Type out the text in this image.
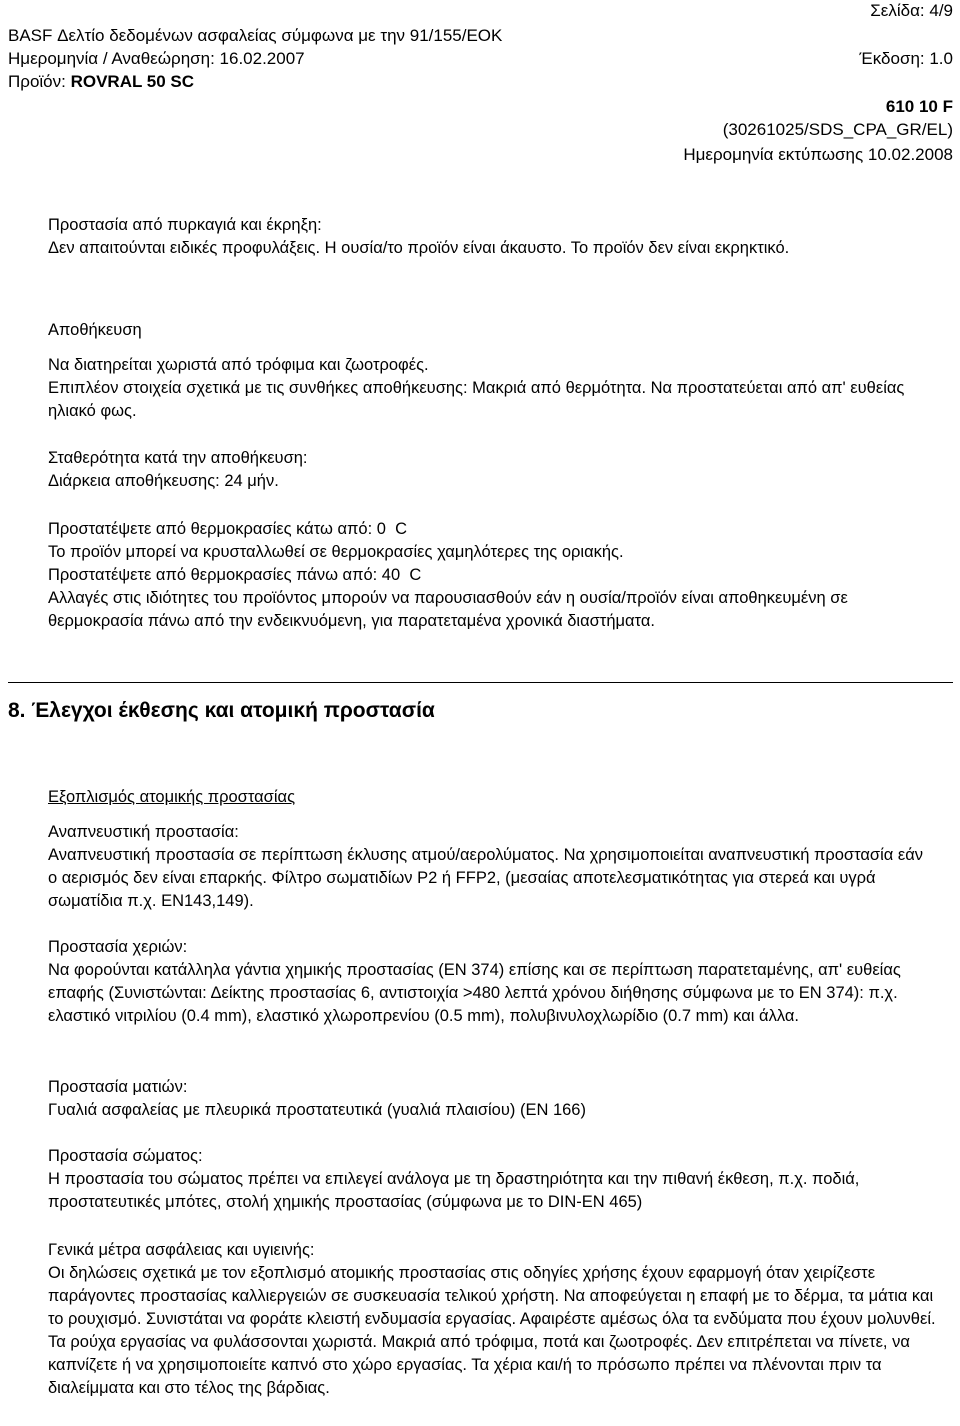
Σελίδα: 4/9
BASF Δελτίο δεδομένων ασφαλείας σύμφωνα με την 91/155/ΕΟΚ
Ημερομηνία / Αναθεώρηση: 16.02.2007	Έκδοση: 1.0
Προϊόν: ROVRAL 50 SC
610 10 F
(30261025/SDS_CPA_GR/EL)
Ημερομηνία εκτύπωσης 10.02.2008

Προστασία από πυρκαγιά και έκρηξη:

Δεν απαιτούνται ειδικές προφυλάξεις. Η ουσία/το προϊόν είναι άκαυστο. Το προϊόν δεν είναι εκρηκτικό.

Αποθήκευση

Να διατηρείται χωριστά από τρόφιμα και ζωοτροφές.

Επιπλέον στοιχεία σχετικά με τις συνθήκες αποθήκευσης: Μακριά από θερμότητα. Να προστατεύεται από απ' ευθείας ηλιακό φως.

Σταθερότητα κατά την αποθήκευση:

Διάρκεια αποθήκευσης: 24 μήν.

Προστατέψετε από θερμοκρασίες κάτω από: 0  C

Το προϊόν μπορεί να κρυσταλλωθεί σε θερμοκρασίες χαμηλότερες της οριακής.

Προστατέψετε από θερμοκρασίες πάνω από: 40  C

Αλλαγές στις ιδιότητες του προϊόντος μπορούν να παρουσιασθούν εάν η ουσία/προϊόν είναι αποθηκευμένη σε θερμοκρασία πάνω από την ενδεικνυόμενη, για παρατεταμένα χρονικά διαστήματα.

8. Έλεγχοι έκθεσης και ατομική προστασία
Εξοπλισμός ατομικής προστασίας

Αναπνευστική προστασία:

Αναπνευστική προστασία σε περίπτωση έκλυσης ατμού/αερολύματος. Να χρησιμοποιείται αναπνευστική προστασία εάν ο αερισμός δεν είναι επαρκής. Φίλτρο σωματιδίων P2 ή FFP2, (μεσαίας αποτελεσματικότητας για στερεά και υγρά σωματίδια π.χ. EN143,149).

Προστασία χεριών:

Να φορούνται κατάλληλα γάντια χημικής προστασίας (EN 374) επίσης και σε περίπτωση παρατεταμένης, απ' ευθείας επαφής (Συνιστώνται: Δείκτης προστασίας 6, αντιστοιχία >480 λεπτά χρόνου διήθησης σύμφωνα με το EN 374): π.χ. ελαστικό νιτριλίου (0.4 mm), ελαστικό χλωροπρενίου (0.5 mm), πολυβινυλοχλωρίδιο (0.7 mm) και άλλα.

Προστασία ματιών:

Γυαλιά ασφαλείας με πλευρικά προστατευτικά (γυαλιά πλαισίου) (EN 166)

Προστασία σώματος:

Η προστασία του σώματος πρέπει να επιλεγεί ανάλογα με τη δραστηριότητα και την πιθανή έκθεση, π.χ. ποδιά, προστατευτικές μπότες, στολή χημικής προστασίας (σύμφωνα με το DIN-EN 465)

Γενικά μέτρα ασφάλειας και υγιεινής:

Οι δηλώσεις σχετικά με τον εξοπλισμό ατομικής προστασίας στις οδηγίες χρήσης έχουν εφαρμογή όταν χειρίζεστε παράγοντες προστασίας καλλιεργειών σε συσκευασία τελικού χρήστη. Να αποφεύγεται η επαφή με το δέρμα, τα μάτια και το ρουχισμό. Συνιστάται να φοράτε κλειστή ενδυμασία εργασίας. Αφαιρέστε αμέσως όλα τα ενδύματα που έχουν μολυνθεί. Τα ρούχα εργασίας να φυλάσσονται χωριστά. Μακριά από τρόφιμα, ποτά και ζωοτροφές. Δεν επιτρέπεται να πίνετε, να καπνίζετε ή να χρησιμοποιείτε καπνό στο χώρο εργασίας. Τα χέρια και/ή το πρόσωπο πρέπει να πλένονται πριν τα διαλείμματα και στο τέλος της βάρδιας.
